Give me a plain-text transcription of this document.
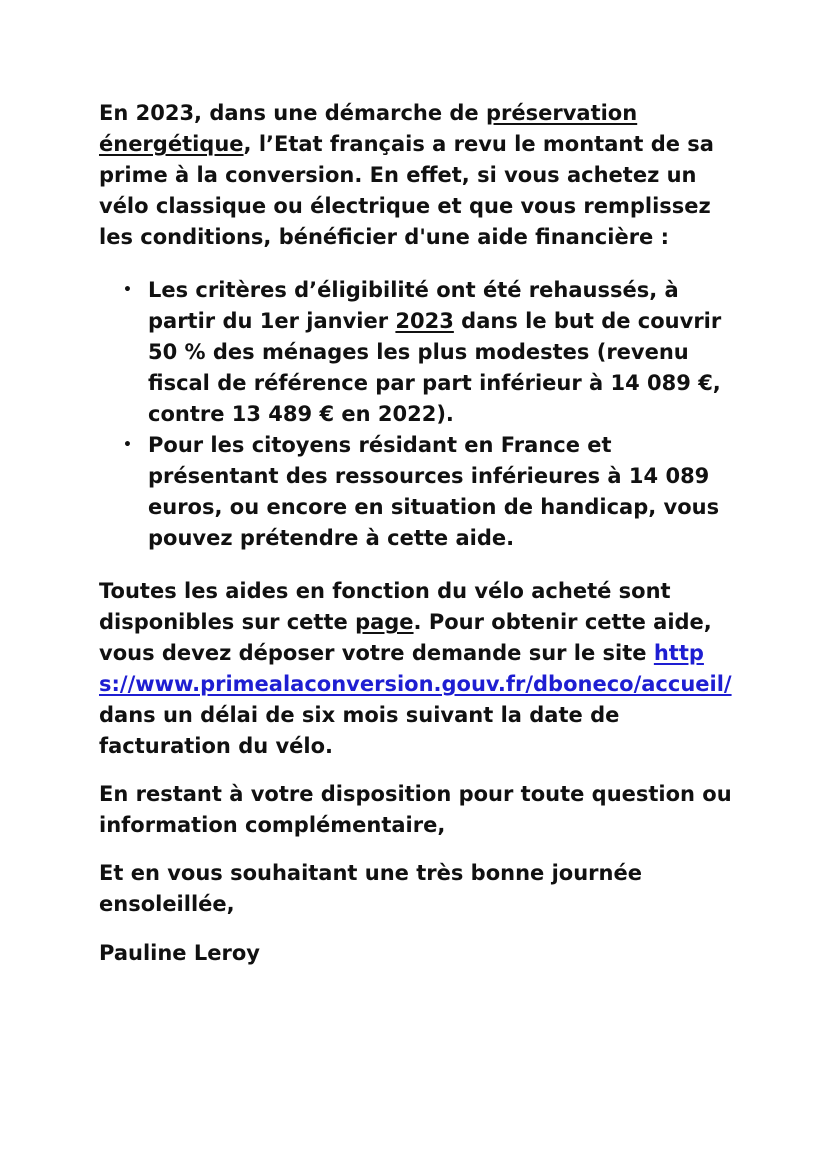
En 2023, dans une démarche de préservation énergétique, l’Etat français a revu le montant de sa prime à la conversion. En effet, si vous achetez un vélo classique ou électrique et que vous remplissez les conditions, bénéficier d'une aide financière :

• Les critères d’éligibilité ont été rehaussés, à partir du 1er janvier 2023 dans le but de couvrir 50 % des ménages les plus modestes (revenu fiscal de référence par part inférieur à 14 089 €, contre 13 489 € en 2022).
• Pour les citoyens résidant en France et présentant des ressources inférieures à 14 089 euros, ou encore en situation de handicap, vous pouvez prétendre à cette aide.

Toutes les aides en fonction du vélo acheté sont disponibles sur cette page. Pour obtenir cette aide, vous devez déposer votre demande sur le site https://www.primealaconversion.gouv.fr/dboneco/accueil/ dans un délai de six mois suivant la date de facturation du vélo.

En restant à votre disposition pour toute question ou information complémentaire,

Et en vous souhaitant une très bonne journée ensoleillée,

Pauline Leroy
